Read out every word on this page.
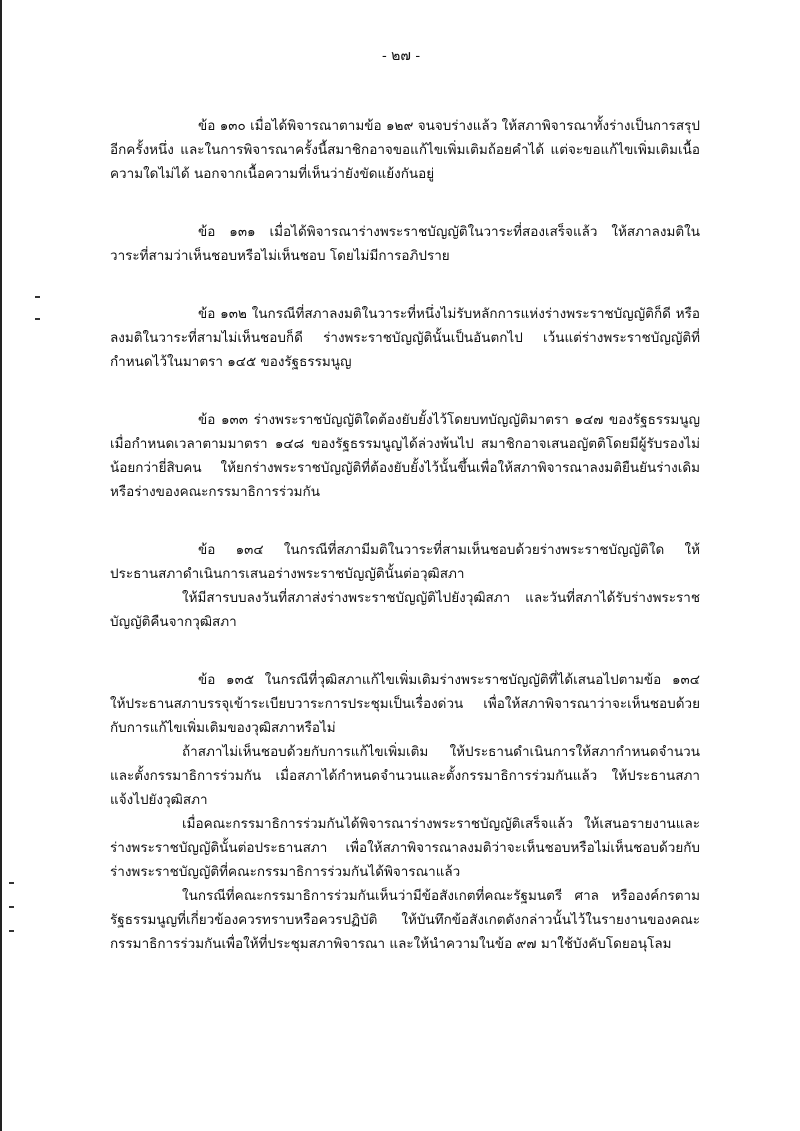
- ๒๗ -

ข้อ ๑๓๐ เมื่อได้พิจารณาตามข้อ ๑๒๙ จนจบร่างแล้ว ให้สภาพิจารณาทั้งร่างเป็นการสรุปอีกครั้งหนึ่ง และในการพิจารณาครั้งนี้สมาชิกอาจขอแก้ไขเพิ่มเติมถ้อยคำได้ แต่จะขอแก้ไขเพิ่มเติมเนื้อความใดไม่ได้ นอกจากเนื้อความที่เห็นว่ายังขัดแย้งกันอยู่

ข้อ ๑๓๑ เมื่อได้พิจารณาร่างพระราชบัญญัติในวาระที่สองเสร็จแล้ว ให้สภาลงมติในวาระที่สามว่าเห็นชอบหรือไม่เห็นชอบ โดยไม่มีการอภิปราย

ข้อ ๑๓๒ ในกรณีที่สภาลงมติในวาระที่หนึ่งไม่รับหลักการแห่งร่างพระราชบัญญัติก็ดี หรือลงมติในวาระที่สามไม่เห็นชอบก็ดี ร่างพระราชบัญญัตินั้นเป็นอันตกไป เว้นแต่ร่างพระราชบัญญัติที่กำหนดไว้ในมาตรา ๑๔๕ ของรัฐธรรมนูญ

ข้อ ๑๓๓ ร่างพระราชบัญญัติใดต้องยับยั้งไว้โดยบทบัญญัติมาตรา ๑๔๗ ของรัฐธรรมนูญ เมื่อกำหนดเวลาตามมาตรา ๑๔๘ ของรัฐธรรมนูญได้ล่วงพ้นไป สมาชิกอาจเสนอญัตติโดยมีผู้รับรองไม่น้อยกว่ายี่สิบคน ให้ยกร่างพระราชบัญญัติที่ต้องยับยั้งไว้นั้นขึ้นเพื่อให้สภาพิจารณาลงมติยืนยันร่างเดิมหรือร่างของคณะกรรมาธิการร่วมกัน

ข้อ ๑๓๔ ในกรณีที่สภามีมติในวาระที่สามเห็นชอบด้วยร่างพระราชบัญญัติใด ให้ประธานสภาดำเนินการเสนอร่างพระราชบัญญัตินั้นต่อวุฒิสภา

ให้มีสารบบลงวันที่สภาส่งร่างพระราชบัญญัติไปยังวุฒิสภา และวันที่สภาได้รับร่างพระราชบัญญัติคืนจากวุฒิสภา

ข้อ ๑๓๕ ในกรณีที่วุฒิสภาแก้ไขเพิ่มเติมร่างพระราชบัญญัติที่ได้เสนอไปตามข้อ ๑๓๔ ให้ประธานสภาบรรจุเข้าระเบียบวาระการประชุมเป็นเรื่องด่วน เพื่อให้สภาพิจารณาว่าจะเห็นชอบด้วยกับการแก้ไขเพิ่มเติมของวุฒิสภาหรือไม่

ถ้าสภาไม่เห็นชอบด้วยกับการแก้ไขเพิ่มเติม ให้ประธานดำเนินการให้สภากำหนดจำนวนและตั้งกรรมาธิการร่วมกัน เมื่อสภาได้กำหนดจำนวนและตั้งกรรมาธิการร่วมกันแล้ว ให้ประธานสภาแจ้งไปยังวุฒิสภา

เมื่อคณะกรรมาธิการร่วมกันได้พิจารณาร่างพระราชบัญญัติเสร็จแล้ว ให้เสนอรายงานและร่างพระราชบัญญัตินั้นต่อประธานสภา เพื่อให้สภาพิจารณาลงมติว่าจะเห็นชอบหรือไม่เห็นชอบด้วยกับร่างพระราชบัญญัติที่คณะกรรมาธิการร่วมกันได้พิจารณาแล้ว

ในกรณีที่คณะกรรมาธิการร่วมกันเห็นว่ามีข้อสังเกตที่คณะรัฐมนตรี ศาล หรือองค์กรตามรัฐธรรมนูญที่เกี่ยวข้องควรทราบหรือควรปฏิบัติ ให้บันทึกข้อสังเกตดังกล่าวนั้นไว้ในรายงานของคณะกรรมาธิการร่วมกันเพื่อให้ที่ประชุมสภาพิจารณา และให้นำความในข้อ ๙๗ มาใช้บังคับโดยอนุโลม
